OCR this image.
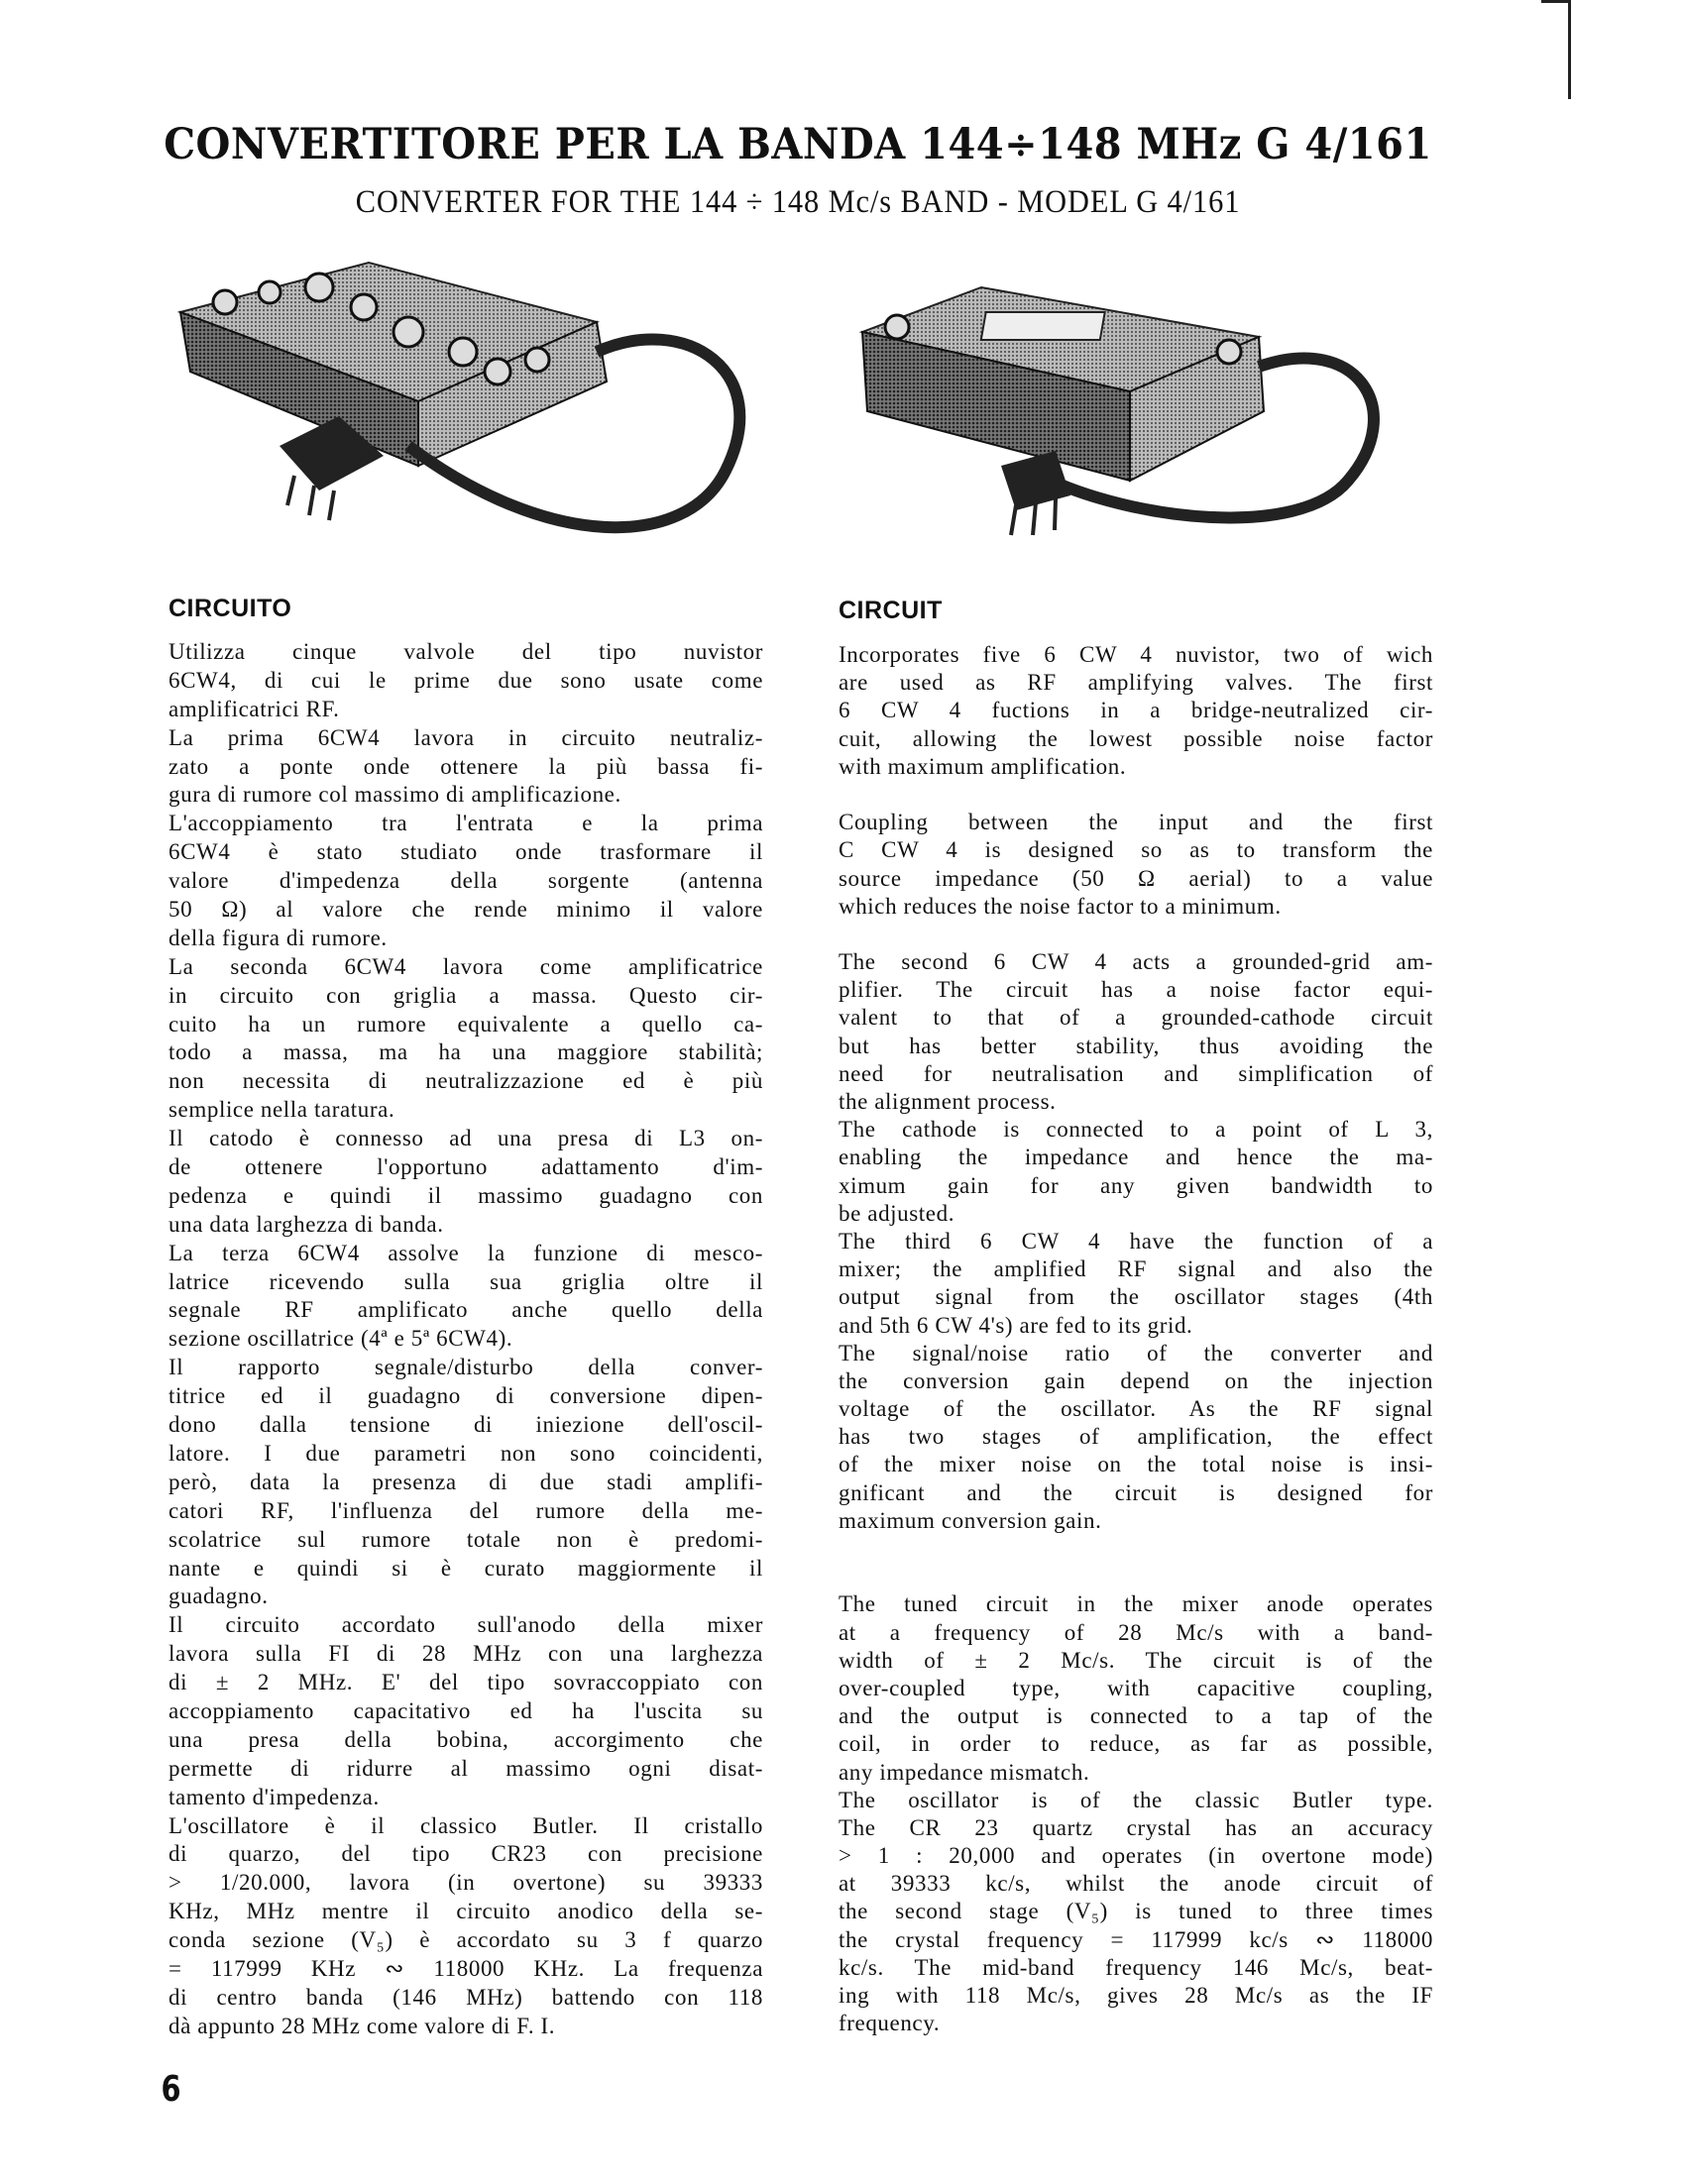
CONVERTITORE PER LA BANDA 144÷148 MHz G 4/161
CONVERTER FOR THE 144 ÷ 148 Mc/s BAND - MODEL G 4/161
CIRCUITO	CIRCUIT
Utilizza cinque valvole del tipo nuvistor
6CW4, di cui le prime due sono usate come
amplificatrici RF.
La prima 6CW4 lavora in circuito neutraliz-
zato a ponte onde ottenere la più bassa fi-
gura di rumore col massimo di amplificazione.
L'accoppiamento tra l'entrata e la prima
6CW4 è stato studiato onde trasformare il
valore d'impedenza della sorgente (antenna
50 Ω) al valore che rende minimo il valore
della figura di rumore.
La seconda 6CW4 lavora come amplificatrice
in circuito con griglia a massa. Questo cir-
cuito ha un rumore equivalente a quello ca-
todo a massa, ma ha una maggiore stabilità;
non necessita di neutralizzazione ed è più
semplice nella taratura.
Il catodo è connesso ad una presa di L3 on-
de ottenere l'opportuno adattamento d'im-
pedenza e quindi il massimo guadagno con
una data larghezza di banda.
La terza 6CW4 assolve la funzione di mesco-
latrice ricevendo sulla sua griglia oltre il
segnale RF amplificato anche quello della
sezione oscillatrice (4ª e 5ª 6CW4).
Il rapporto segnale/disturbo della conver-
titrice ed il guadagno di conversione dipen-
dono dalla tensione di iniezione dell'oscil-
latore. I due parametri non sono coincidenti,
però, data la presenza di due stadi amplifi-
catori RF, l'influenza del rumore della me-
scolatrice sul rumore totale non è predomi-
nante e quindi si è curato maggiormente il
guadagno.
Il circuito accordato sull'anodo della mixer
lavora sulla FI di 28 MHz con una larghezza
di ± 2 MHz. E' del tipo sovraccoppiato con
accoppiamento capacitativo ed ha l'uscita su
una presa della bobina, accorgimento che
permette di ridurre al massimo ogni disat-
tamento d'impedenza.
L'oscillatore è il classico Butler. Il cristallo
di quarzo, del tipo CR23 con precisione
> 1/20.000, lavora (in overtone) su 39333
KHz, MHz mentre il circuito anodico della se-
conda sezione (V₅) è accordato su 3 f quarzo
= 117999 KHz ∾ 118000 KHz. La frequenza
di centro banda (146 MHz) battendo con 118
dà appunto 28 MHz come valore di F. I.
Incorporates five 6 CW 4 nuvistor, two of wich
are used as RF amplifying valves. The first
6 CW 4 fuctions in a bridge-neutralized cir-
cuit, allowing the lowest possible noise factor
with maximum amplification.
Coupling between the input and the first
C CW 4 is designed so as to transform the
source impedance (50 Ω aerial) to a value
which reduces the noise factor to a minimum.
The second 6 CW 4 acts a grounded-grid am-
plifier. The circuit has a noise factor equi-
valent to that of a grounded-cathode circuit
but has better stability, thus avoiding the
need for neutralisation and simplification of
the alignment process.
The cathode is connected to a point of L 3,
enabling the impedance and hence the ma-
ximum gain for any given bandwidth to
be adjusted.
The third 6 CW 4 have the function of a
mixer; the amplified RF signal and also the
output signal from the oscillator stages (4th
and 5th 6 CW 4's) are fed to its grid.
The signal/noise ratio of the converter and
the conversion gain depend on the injection
voltage of the oscillator. As the RF signal
has two stages of amplification, the effect
of the mixer noise on the total noise is insi-
gnificant and the circuit is designed for
maximum conversion gain.
The tuned circuit in the mixer anode operates
at a frequency of 28 Mc/s with a band-
width of ± 2 Mc/s. The circuit is of the
over-coupled type, with capacitive coupling,
and the output is connected to a tap of the
coil, in order to reduce, as far as possible,
any impedance mismatch.
The oscillator is of the classic Butler type.
The CR 23 quartz crystal has an accuracy
> 1 : 20,000 and operates (in overtone mode)
at 39333 kc/s, whilst the anode circuit of
the second stage (V₅) is tuned to three times
the crystal frequency = 117999 kc/s ∾ 118000
kc/s. The mid-band frequency 146 Mc/s, beat-
ing with 118 Mc/s, gives 28 Mc/s as the IF
frequency.
6
